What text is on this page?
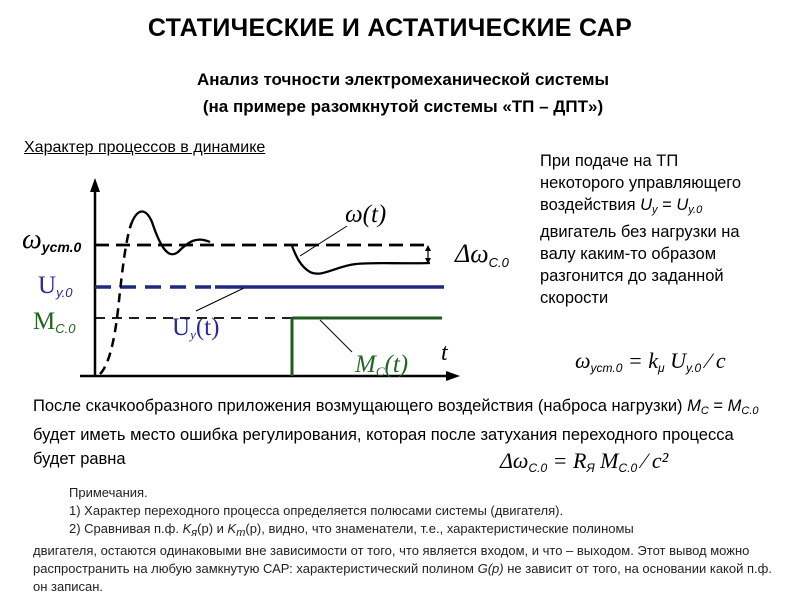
СТАТИЧЕСКИЕ И АСТАТИЧЕСКИЕ САР
Анализ точности электромеханической системы
(на примере разомкнутой системы «ТП – ДПТ»)
Характер процессов в динамике
ωуст.0
Uу.0
MC.0
ω(t)
Uу(t)
MC(t) t
ΔωC.0
При подаче на ТП некоторого управляющего воздействия $U_у = U_{у.0}$ двигатель без нагрузки на валу каким-то образом разгонится до заданной скорости
ωуст.0 = kμ Uу.0 ⁄ c
После скачкообразного приложения возмущающего воздействия (наброса нагрузки) $M_С = M_{С.0}$ будет иметь место ошибка регулирования, которая после затухания переходного процесса будет равна	ΔωC.0 = RЯ MC.0 ⁄ c²
Примечания.
1) Характер переходного процесса определяется полюсами системы (двигателя).
2) Сравнивая п.ф. $K_я(p)$ и $K_т(p)$, видно, что знаменатели, т.е., характеристические полиномы
двигателя, остаются одинаковыми вне зависимости от того, что является входом, и что – выходом. Этот вывод можно распространить на любую замкнутую САР: характеристический полином G(p) не зависит от того, на основании какой п.ф. он записан.
